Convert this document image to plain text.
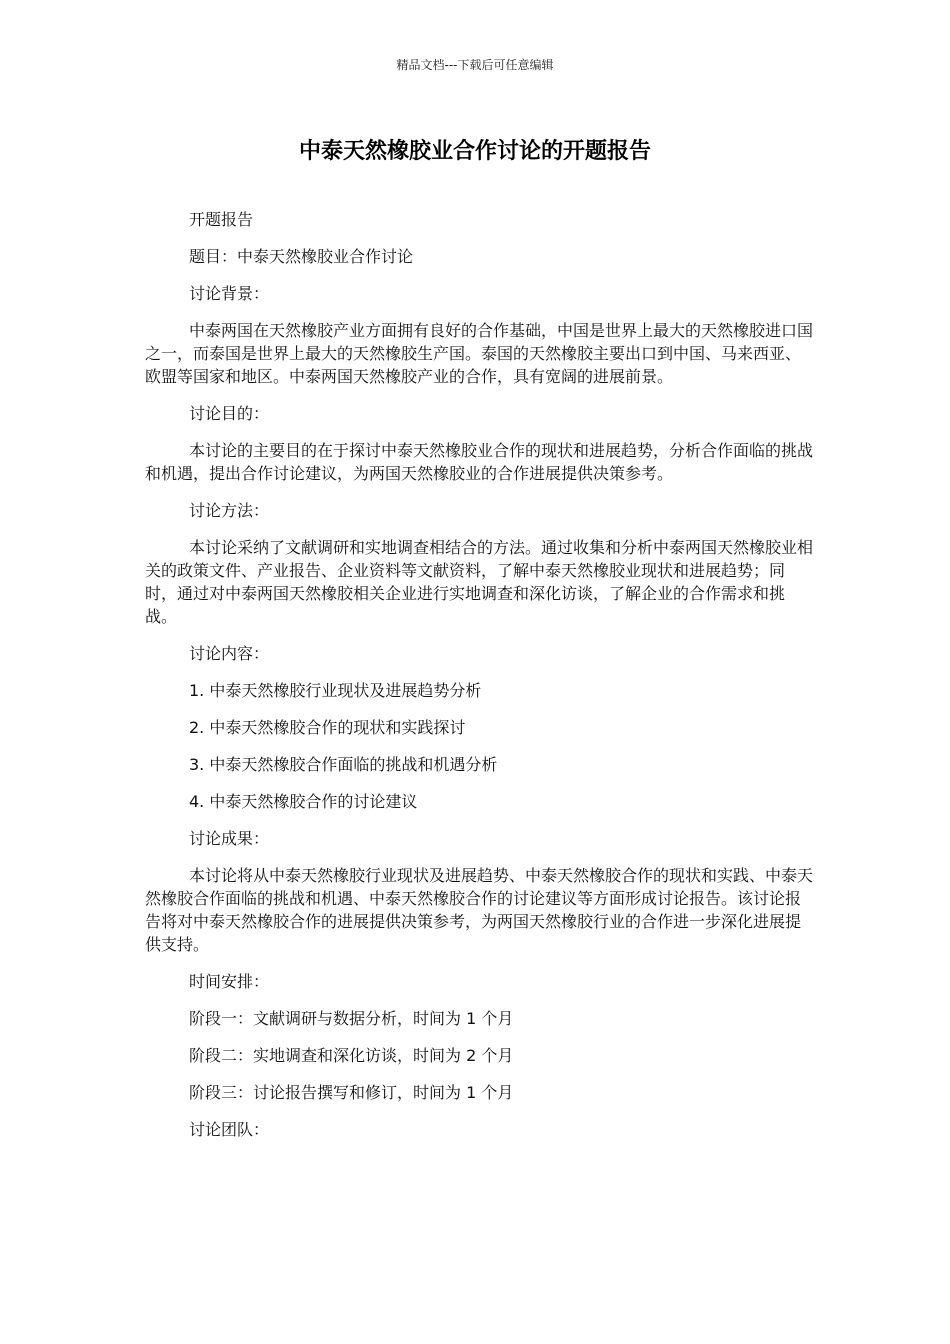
精品文档---下载后可任意编辑
中泰天然橡胶业合作讨论的开题报告

开题报告

题目：中泰天然橡胶业合作讨论

讨论背景：

中泰两国在天然橡胶产业方面拥有良好的合作基础，中国是世界上最大的天然橡胶进口国之一，而泰国是世界上最大的天然橡胶生产国。泰国的天然橡胶主要出口到中国、马来西亚、欧盟等国家和地区。中泰两国天然橡胶产业的合作，具有宽阔的进展前景。

讨论目的：

本讨论的主要目的在于探讨中泰天然橡胶业合作的现状和进展趋势，分析合作面临的挑战和机遇，提出合作讨论建议，为两国天然橡胶业的合作进展提供决策参考。

讨论方法：

本讨论采纳了文献调研和实地调查相结合的方法。通过收集和分析中泰两国天然橡胶业相关的政策文件、产业报告、企业资料等文献资料，了解中泰天然橡胶业现状和进展趋势；同时，通过对中泰两国天然橡胶相关企业进行实地调查和深化访谈，了解企业的合作需求和挑战。

讨论内容：

1. 中泰天然橡胶行业现状及进展趋势分析

2. 中泰天然橡胶合作的现状和实践探讨

3. 中泰天然橡胶合作面临的挑战和机遇分析

4. 中泰天然橡胶合作的讨论建议

讨论成果：

本讨论将从中泰天然橡胶行业现状及进展趋势、中泰天然橡胶合作的现状和实践、中泰天然橡胶合作面临的挑战和机遇、中泰天然橡胶合作的讨论建议等方面形成讨论报告。该讨论报告将对中泰天然橡胶合作的进展提供决策参考，为两国天然橡胶行业的合作进一步深化进展提供支持。

时间安排：

阶段一：文献调研与数据分析，时间为 1 个月

阶段二：实地调查和深化访谈，时间为 2 个月

阶段三：讨论报告撰写和修订，时间为 1 个月

讨论团队：
